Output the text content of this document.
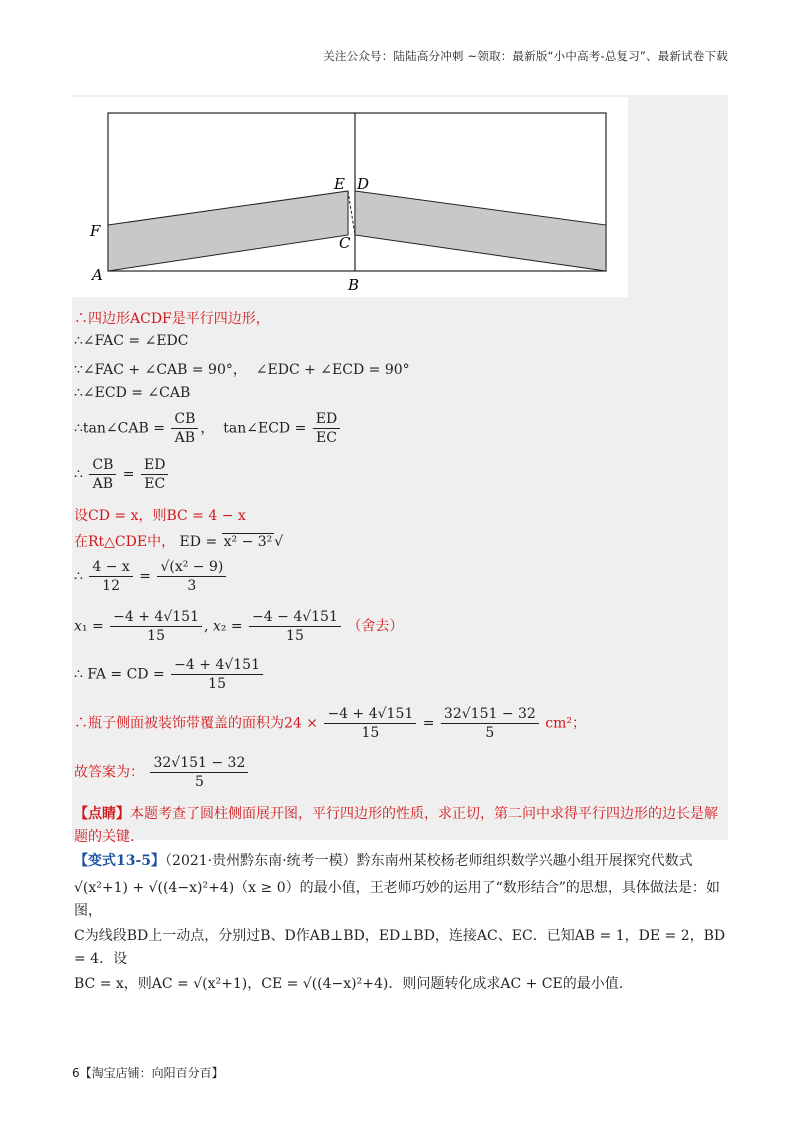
关注公众号：陆陆高分冲刺 ~领取：最新版“小中高考-总复习”、最新试卷下载
E D
F
C
A
B
∴四边形ACDF是平行四边形，
∴∠FAC = ∠EDC
∵∠FAC + ∠CAB = 90°， ∠EDC + ∠ECD = 90°
∴∠ECD = ∠CAB
∴tan∠CAB = $\frac{CB}{AB}$ ，  tan∠ECD = $\frac{ED}{EC}$
∴ $\frac{CB}{AB} = \frac{ED}{EC}$
设CD = x，则BC = 4 − x
在Rt△CDE中， ED = x² − 3² √
∴ $\frac{4 - x}{12} = \frac{\text{√(x² − 9)}}{3}$
$x_1 = \frac{-4 + 4√151}{15}$ , $x_2 = \frac{-4 - 4√151}{15}$ （舍去）
∴ FA = CD = $\frac{-4 + 4√151}{15}$
∴瓶子侧面被装饰带覆盖的面积为$24 \times \frac{-4 + 4√151}{15} = \frac{32√151 - 32}{5} cm^2$；
故答案为： $\frac{32√151 - 32}{5}$
【点睛】本题考查了圆柱侧面展开图，平行四边形的性质，求正切，第二问中求得平行四边形的边长是解题的关键.
【变式13-5】（2021·贵州黔东南·统考一模）黔东南州某校杨老师组织数学兴趣小组开展探究代数式
√(x²+1) + √((4−x)²+4)（x ≥ 0）的最小值，王老师巧妙的运用了“数形结合”的思想，具体做法是：如图，
C为线段BD上一动点，分别过B、D作AB⊥BD，ED⊥BD，连接AC、EC．已知AB = 1，DE = 2，BD = 4．设
BC = x，则AC = √(x²+1)，CE = √((4−x)²+4)．则问题转化成求AC + CE的最小值.
6【淘宝店铺：向阳百分百】
